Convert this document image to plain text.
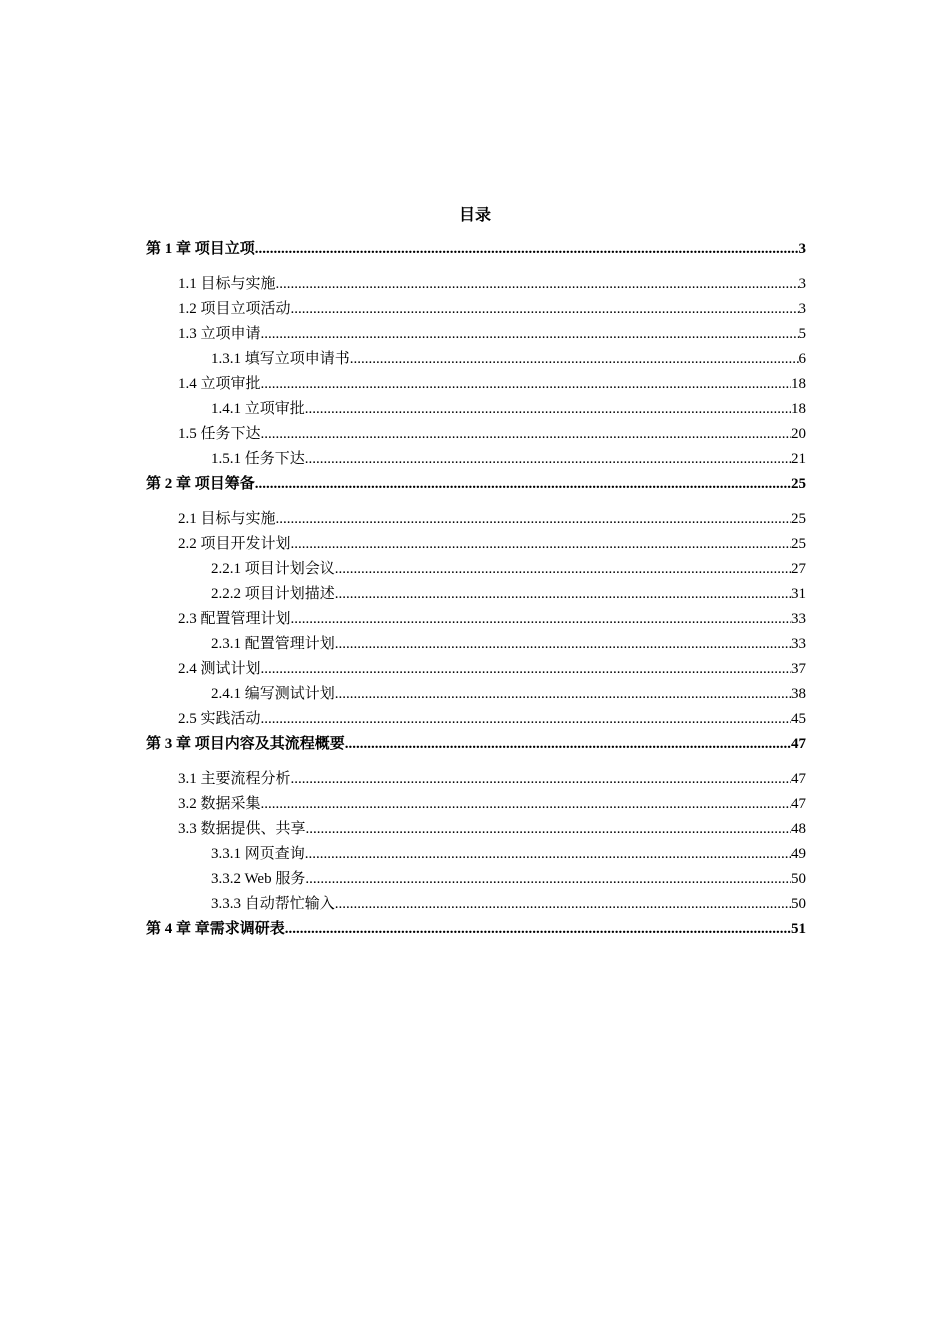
目录
第 1 章 项目立项 .....	3
1.1 目标与实施 .....	3
1.2 项目立项活动 .....	3
1.3 立项申请 .....	5
1.3.1 填写立项申请书 .....	6
1.4 立项审批 .....	18
1.4.1 立项审批 .....	18
1.5 任务下达 .....	20
1.5.1 任务下达 .....	21
第 2 章 项目筹备 .....	25
2.1 目标与实施 .....	25
2.2 项目开发计划 .....	25
2.2.1 项目计划会议 .....	27
2.2.2 项目计划描述 .....	31
2.3 配置管理计划 .....	33
2.3.1 配置管理计划 .....	33
2.4 测试计划 .....	37
2.4.1 编写测试计划 .....	38
2.5 实践活动 .....	45
第 3 章 项目内容及其流程概要 .....	47
3.1 主要流程分析 .....	47
3.2 数据采集 .....	47
3.3 数据提供、共享 .....	48
3.3.1 网页查询 .....	49
3.3.2 Web 服务 .....	50
3.3.3 自动帮忙输入 .....	50
第 4 章 章需求调研表 .....	51
